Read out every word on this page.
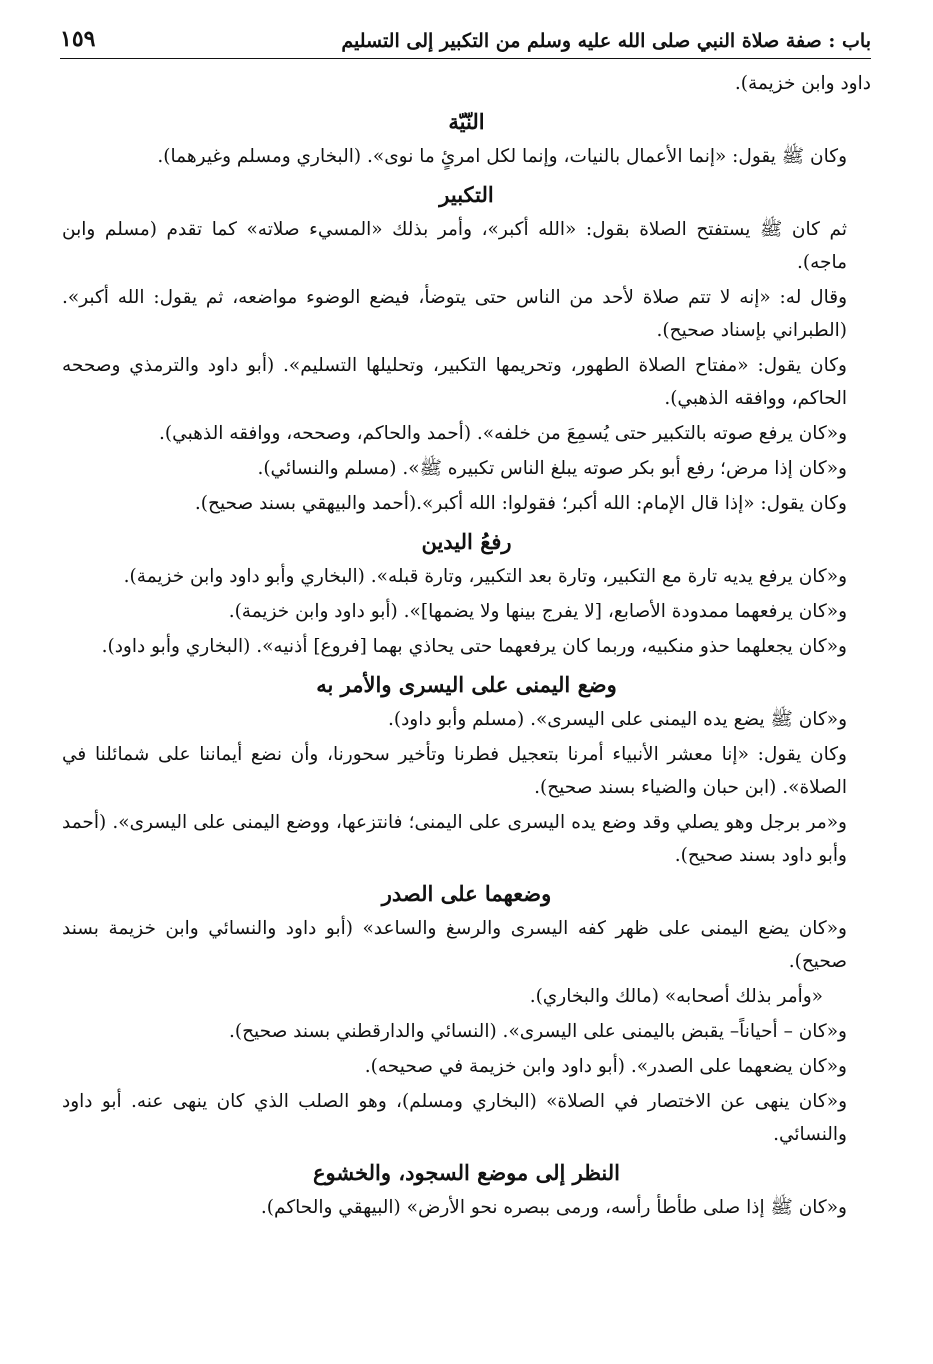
باب : صفة صلاة النبي صلى الله عليه وسلم من التكبير إلى التسليم
١٥٩

داود وابن خزيمة).

النّيّة

وكان ﷺ يقول: «إنما الأعمال بالنيات، وإنما لكل امرئٍ ما نوى». (البخاري ومسلم وغيرهما).

التكبير

ثم كان ﷺ يستفتح الصلاة بقول: «الله أكبر»، وأمر بذلك «المسيء صلاته» كما تقدم (مسلم وابن ماجه).

وقال له: «إنه لا تتم صلاة لأحد من الناس حتى يتوضأ، فيضع الوضوء مواضعه، ثم يقول: الله أكبر». (الطبراني بإسناد صحيح).

وكان يقول: «مفتاح الصلاة الطهور، وتحريمها التكبير، وتحليلها التسليم». (أبو داود والترمذي وصححه الحاكم، ووافقه الذهبي).

و«كان يرفع صوته بالتكبير حتى يُسمِعَ من خلفه». (أحمد والحاكم، وصححه، ووافقه الذهبي).

و«كان إذا مرض؛ رفع أبو بكر صوته يبلغ الناس تكبيره ﷺ». (مسلم والنسائي).

وكان يقول: «إذا قال الإمام: الله أكبر؛ فقولوا: الله أكبر».(أحمد والبيهقي بسند صحيح).

رفعُ اليدين

و«كان يرفع يديه تارة مع التكبير، وتارة بعد التكبير، وتارة قبله». (البخاري وأبو داود وابن خزيمة).

و«كان يرفعهما ممدودة الأصابع، [لا يفرج بينها ولا يضمها]». (أبو داود وابن خزيمة).

و«كان يجعلهما حذو منكبيه، وربما كان يرفعهما حتى يحاذي بهما [فروع] أذنيه». (البخاري وأبو داود).

وضع اليمنى على اليسرى والأمر به

و«كان ﷺ يضع يده اليمنى على اليسرى». (مسلم وأبو داود).

وكان يقول: «إنا معشر الأنبياء أمرنا بتعجيل فطرنا وتأخير سحورنا، وأن نضع أيماننا على شمائلنا في الصلاة». (ابن حبان والضياء بسند صحيح).

و«مر برجل وهو يصلي وقد وضع يده اليسرى على اليمنى؛ فانتزعها، ووضع اليمنى على اليسرى». (أحمد وأبو داود بسند صحيح).

وضعهما على الصدر

و«كان يضع اليمنى على ظهر كفه اليسرى والرسغ والساعد» (أبو داود والنسائي وابن خزيمة بسند صحيح).

«وأمر بذلك أصحابه» (مالك والبخاري).

و«كان – أحياناً– يقبض باليمنى على اليسرى». (النسائي والدارقطني بسند صحيح).

و«كان يضعهما على الصدر». (أبو داود وابن خزيمة في صحيحه).

و«كان ينهى عن الاختصار في الصلاة» (البخاري ومسلم)، وهو الصلب الذي كان ينهى عنه. أبو داود والنسائي.

النظر إلى موضع السجود، والخشوع

و«كان ﷺ إذا صلى طأطأ رأسه، ورمى ببصره نحو الأرض» (البيهقي والحاكم).
